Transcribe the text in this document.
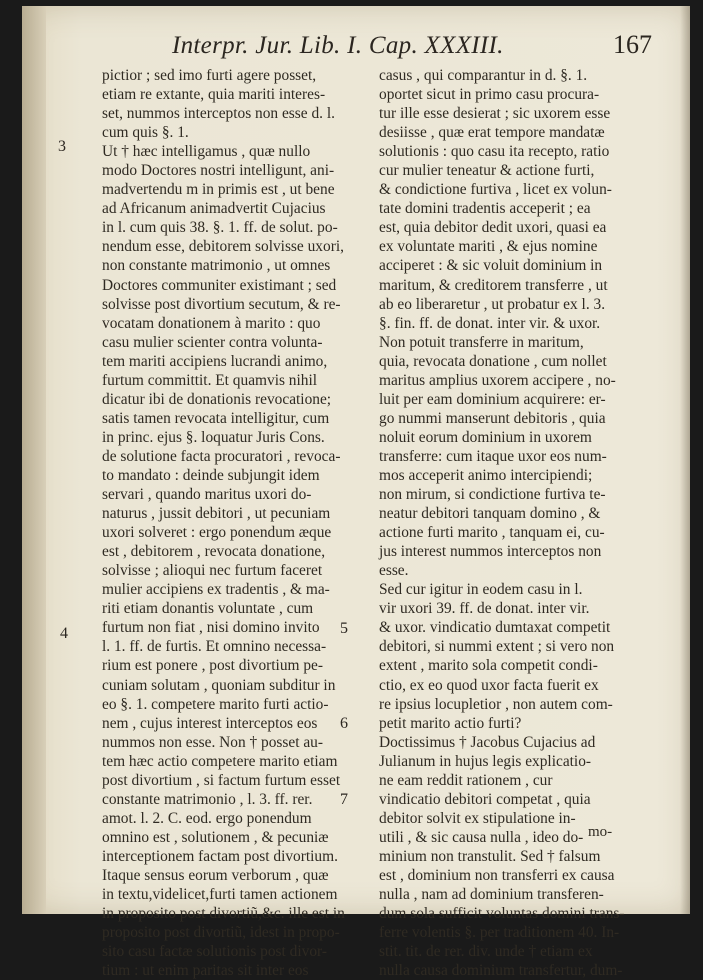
Interpr. Jur. Lib. I. Cap. XXXIII.	167
pictior ; sed imo furti agere posset,
etiam re extante, quia mariti interes-
set, nummos interceptos non esse d. l.
cum quis §. 1.
Ut † hæc intelligamus , quæ nullo
modo Doctores nostri intelligunt, ani-
madvertendu m in primis est , ut bene
ad Africanum animadvertit Cujacius
in l. cum quis 38. §. 1. ff. de solut. po-
nendum esse, debitorem solvisse uxori,
non constante matrimonio , ut omnes
Doctores communiter existimant ; sed
solvisse post divortium secutum, & re-
vocatam donationem à marito : quo
casu mulier scienter contra volunta-
tem mariti accipiens lucrandi animo,
furtum committit. Et quamvis nihil
dicatur ibi de donationis revocatione;
satis tamen revocata intelligitur, cum
in princ. ejus §. loquatur Juris Cons.
de solutione facta procuratori , revoca-
to mandato : deinde subjungit idem
servari , quando maritus uxori do-
naturus , jussit debitori , ut pecuniam
uxori solveret : ergo ponendum æque
est , debitorem , revocata donatione,
solvisse ; alioqui nec furtum faceret
mulier accipiens ex tradentis , & ma-
riti etiam donantis voluntate , cum
furtum non fiat , nisi domino invito
l. 1. ff. de furtis. Et omnino necessa-
rium est ponere , post divortium pe-
cuniam solutam , quoniam subditur in
eo §. 1. competere marito furti actio-
nem , cujus interest interceptos eos
nummos non esse. Non † posset au-
tem hæc actio competere marito etiam
post divortium , si factum furtum esset
constante matrimonio , l. 3. ff. rer.
amot. l. 2. C. eod. ergo ponendum
omnino est , solutionem , & pecuniæ
interceptionem factam post divortium.
Itaque sensus eorum verborum , quæ
in textu,videlicet,furti tamen actionem
in proposito post divortiũ,&c. ille est in
proposito post divortiũ, idest in propo-
sito casu factæ solutionis post divor-
tium : ut enim paritas sit inter eos
casus , qui comparantur in d. §. 1.
oportet sicut in primo casu procura-
tur ille esse desierat ; sic uxorem esse
desiisse , quæ erat tempore mandatæ
solutionis : quo casu ita recepto, ratio
cur mulier teneatur & actione furti,
& condictione furtiva , licet ex volun-
tate domini tradentis acceperit ; ea
est, quia debitor dedit uxori, quasi ea
ex voluntate mariti , & ejus nomine
acciperet : & sic voluit dominium in
maritum, & creditorem transferre , ut
ab eo liberaretur , ut probatur ex l. 3.
§. fin. ff. de donat. inter vir. & uxor.
Non potuit transferre in maritum,
quia, revocata donatione , cum nollet
maritus amplius uxorem accipere , no-
luit per eam dominium acquirere: er-
go nummi manserunt debitoris , quia
noluit eorum dominium in uxorem
transferre: cum itaque uxor eos num-
mos acceperit animo intercipiendi;
non mirum, si condictione furtiva te-
neatur debitori tanquam domino , &
actione furti marito , tanquam ei, cu-
jus interest nummos interceptos non
esse.
Sed cur igitur in eodem casu in l.
vir uxori 39. ff. de donat. inter vir.
& uxor. vindicatio dumtaxat competit
debitori, si nummi extent ; si vero non
extent , marito sola competit condi-
ctio, ex eo quod uxor facta fuerit ex
re ipsius locupletior , non autem com-
petit marito actio furti?
Doctissimus † Jacobus Cujacius ad
Julianum in hujus legis explicatio-
ne eam reddit rationem , cur
vindicatio debitori competat , quia
debitor solvit ex stipulatione in-
utili , & sic causa nulla , ideo do-
minium non transtulit. Sed † falsum
est , dominium non transferri ex causa
nulla , nam ad dominium transferen-
dum sola sufficit voluntas domini trans-
ferre volentis §. per traditionem 40. In-
stit. tit. de rer. div. unde † etiam ex
nulla causa dominium transfertur, dum-
3
4	5
6
7
mo-
